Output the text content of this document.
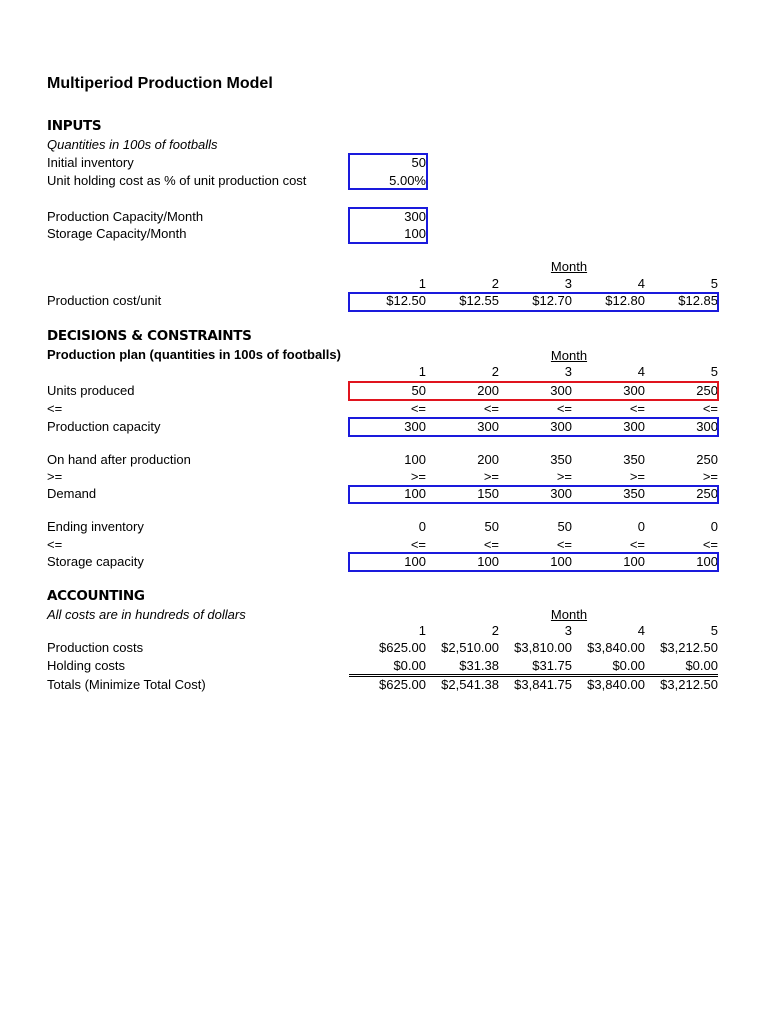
Multiperiod Production Model
INPUTS
Quantities in 100s of footballs
Initial inventory	50
Unit holding cost as % of unit production cost	5.00%
Production Capacity/Month	300
Storage Capacity/Month	100
Month
1	2	3	4	5
Production cost/unit	$12.50	$12.55	$12.70	$12.80	$12.85
DECISIONS & CONSTRAINTS
Production plan (quantities in 100s of footballs)	Month
1	2	3	4	5
Units produced	50	200	300	300	250
<=	<=	<=	<=	<=	<=
Production capacity	300	300	300	300	300
On hand after production	100	200	350	350	250
>=	>=	>=	>=	>=	>=
Demand	100	150	300	350	250
Ending inventory	0	50	50	0	0
<=	<=	<=	<=	<=	<=
Storage capacity	100	100	100	100	100
ACCOUNTING
All costs are in hundreds of dollars	Month
1	2	3	4	5
Production costs	$625.00	$2,510.00	$3,810.00	$3,840.00	$3,212.50
Holding costs	$0.00	$31.38	$31.75	$0.00	$0.00
Totals (Minimize Total Cost)	$625.00	$2,541.38	$3,841.75	$3,840.00	$3,212.50
